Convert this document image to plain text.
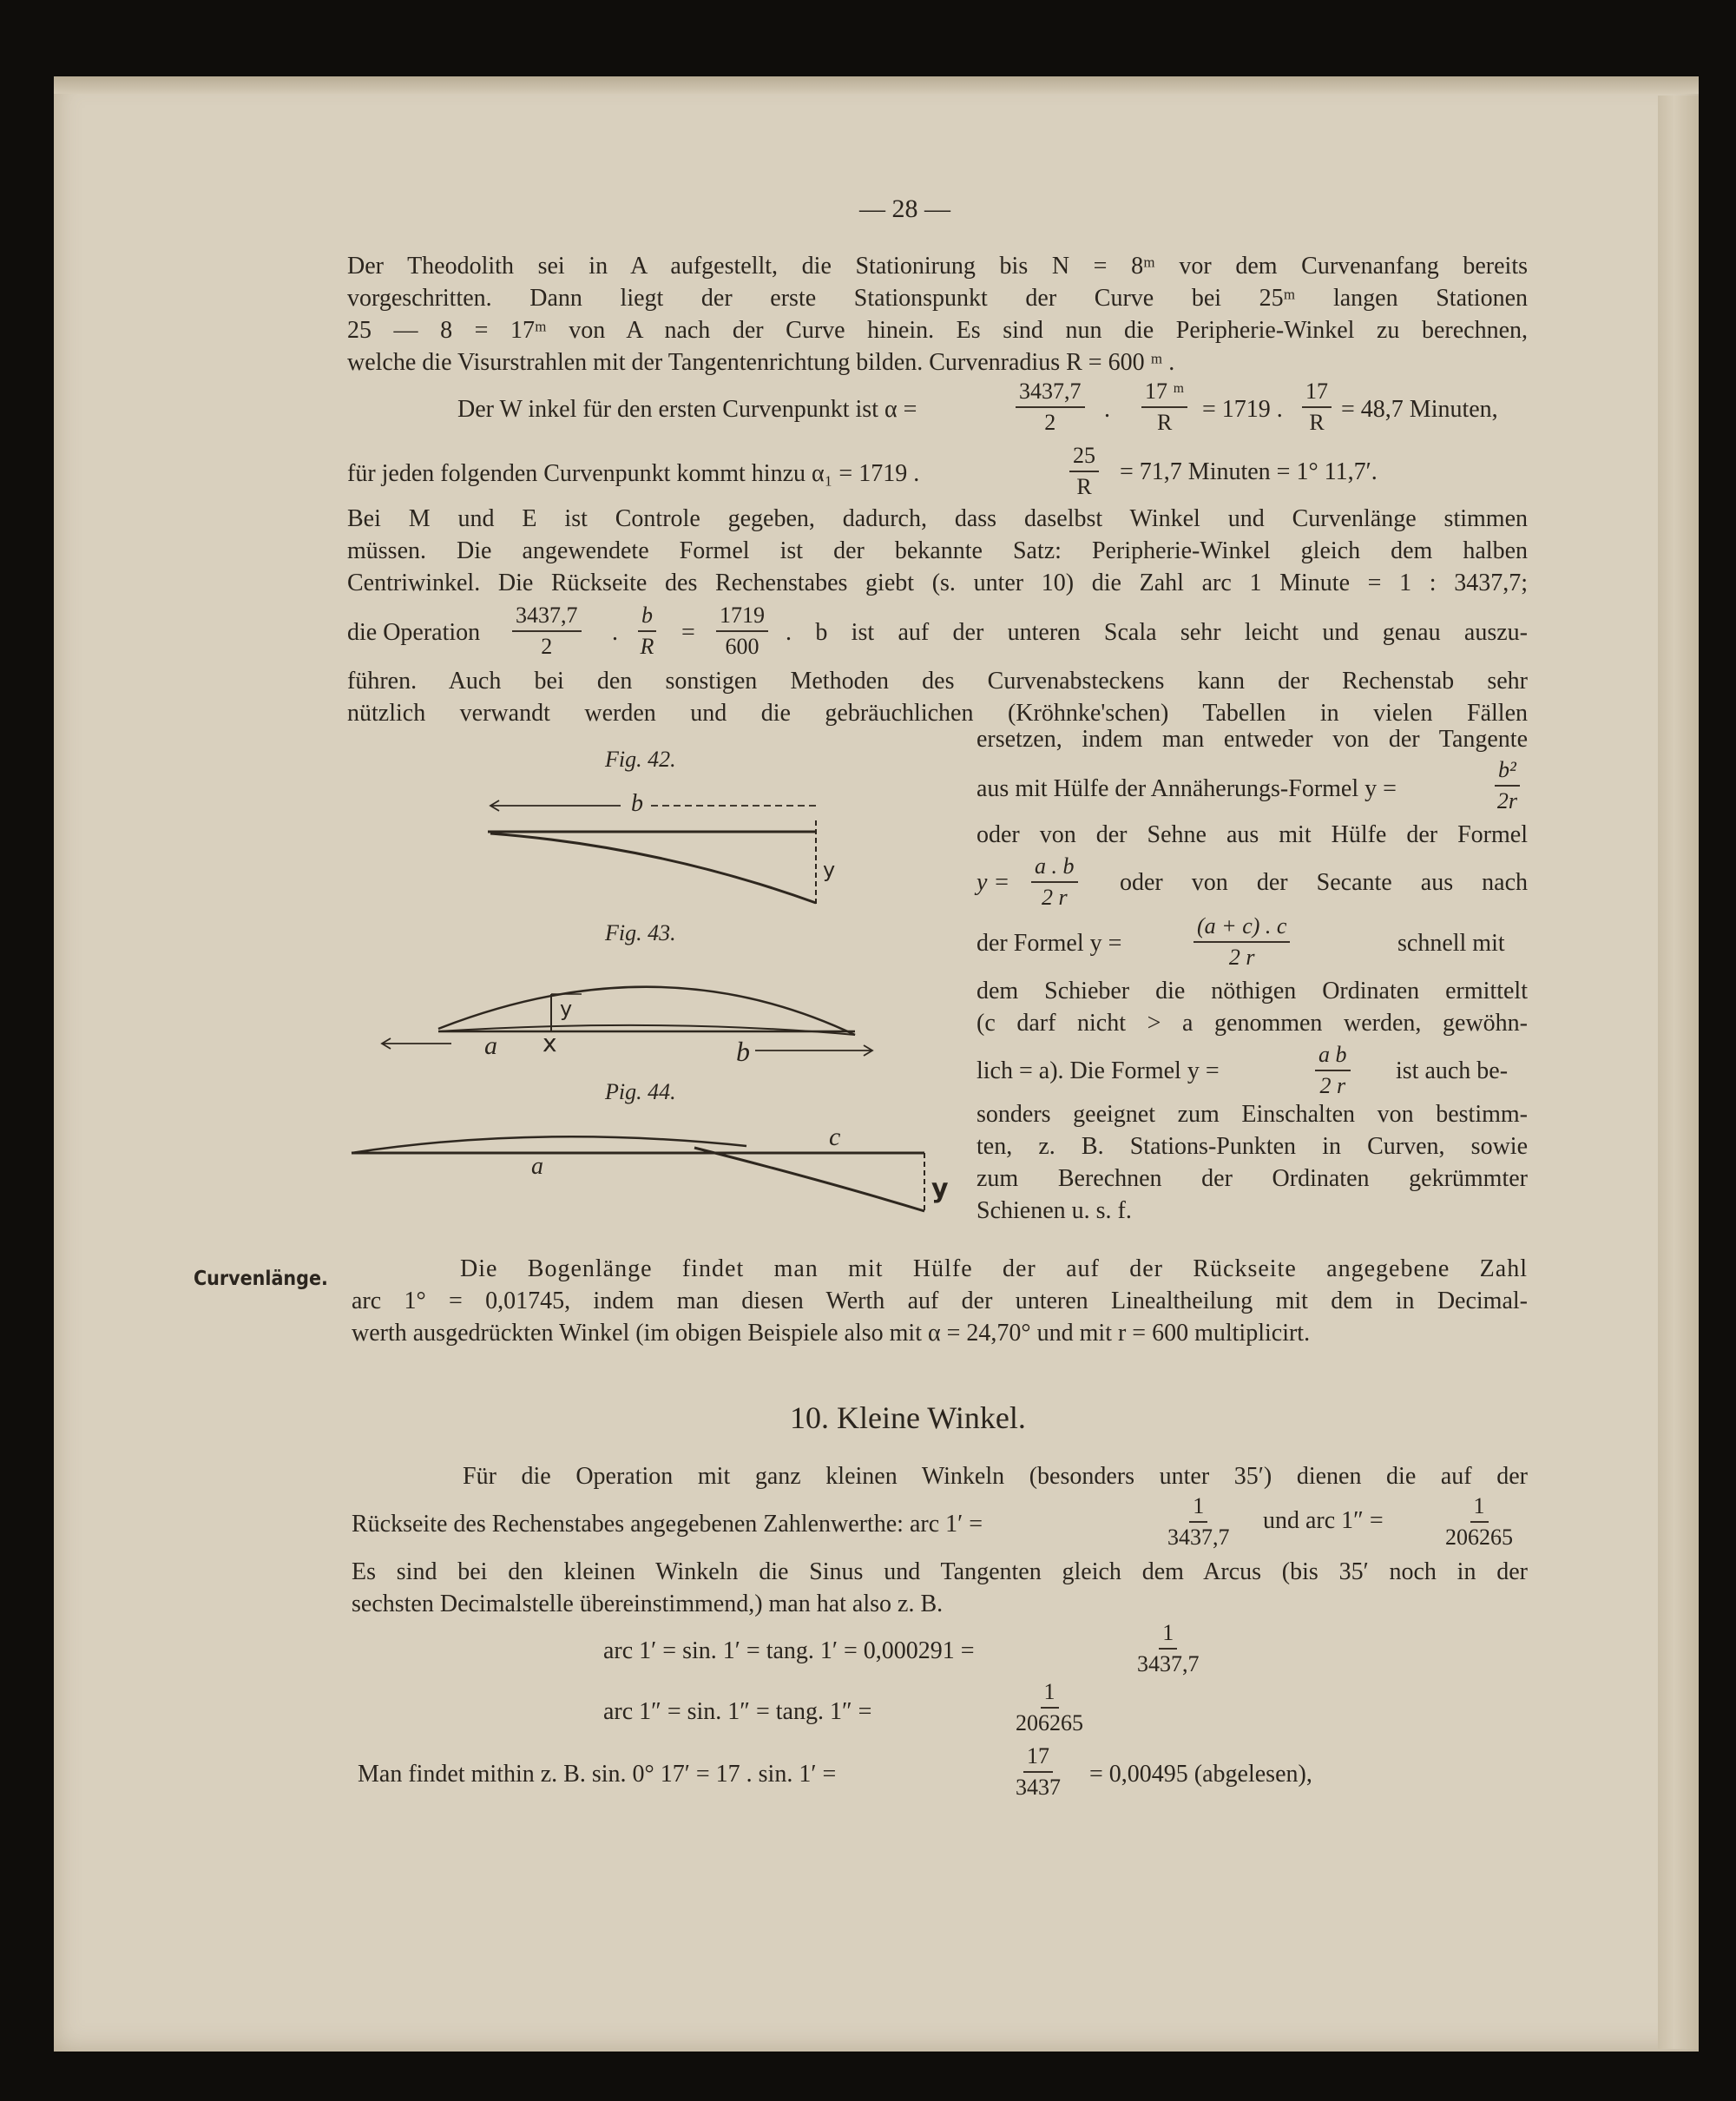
— 28 —
Der Theodolith sei in A aufgestellt, die Stationirung bis N = 8ᵐ vor dem Curvenanfang bereits
vorgeschritten. Dann liegt der erste Stationspunkt der Curve bei 25ᵐ langen Stationen
25 — 8 = 17ᵐ von A nach der Curve hinein. Es sind nun die Peripherie-Winkel zu berechnen,
welche die Visurstrahlen mit der Tangentenrichtung bilden. Curvenradius R = 600 ᵐ .
Der W inkel für den ersten Curvenpunkt ist α =	$\frac{3437,7}{2}$ . $\frac{\text{17 ᵐ}}{R} = 1719$ . $\frac{17}{R} = 48,7$ Minuten,
für jeden folgenden Curvenpunkt kommt hinzu α₁ = 1719 .	$\frac{25}{R} = 71,7$ Minuten = 1° 11,7′.
Bei M und E ist Controle gegeben, dadurch, dass daselbst Winkel und Curvenlänge stimmen
müssen. Die angewendete Formel ist der bekannte Satz: Peripherie-Winkel gleich dem halben
Centriwinkel. Die Rückseite des Rechenstabes giebt (s. unter 10) die Zahl arc 1 Minute = 1 : 3437,7;
die Operation $\frac{3437,7}{2}$ . $\frac{b}{R} = \frac{1719}{600}$ . b ist auf der unteren Scala sehr leicht und genau auszu-
führen. Auch bei den sonstigen Methoden des Curvenabsteckens kann der Rechenstab sehr
nützlich verwandt werden und die gebräuchlichen (Kröhnke'schen) Tabellen in vielen Fällen
ersetzen, indem man entweder von der Tangente
aus mit Hülfe der Annäherungs-Formel y =	$\frac{\text{b²}}{2r}$
oder von der Sehne aus mit Hülfe der Formel
$y = \frac{a . b}{2 r}$ oder von der Secante aus nach
der Formel y =	$\frac{(a + c) . c}{2 r}$	schnell mit
dem Schieber die nöthigen Ordinaten ermittelt
(c darf nicht > a genommen werden, gewöhn-
lich = a). Die Formel y =	$\frac{\text{a b}}{2 r}$ ist auch be-
sonders geeignet zum Einschalten von bestimm-
ten, z. B. Stations-Punkten in Curven, sowie
zum Berechnen der Ordinaten gekrümmter
Schienen u. s. f.
Fig. 42.
Fig. 43.
Pig. 44.
b
y
y
a x	b
c
a
y
Curvenlänge.	Die Bogenlänge findet man mit Hülfe der auf der Rückseite angegebene Zahl
arc 1° = 0,01745, indem man diesen Werth auf der unteren Linealtheilung mit dem in Decimal-
werth ausgedrückten Winkel (im obigen Beispiele also mit α = 24,70° und mit r = 600 multiplicirt.
10. Kleine Winkel.
Für die Operation mit ganz kleinen Winkeln (besonders unter 35′) dienen die auf der
Rückseite des Rechenstabes angegebenen Zahlenwerthe: arc 1′ =	$\frac{1}{3437,7}$ und arc 1″ =	$\frac{1}{206265}$
Es sind bei den kleinen Winkeln die Sinus und Tangenten gleich dem Arcus (bis 35′ noch in der
sechsten Decimalstelle übereinstimmend,) man hat also z. B.
arc 1′ = sin. 1′ = tang. 1′ = 0,000291 =	$\frac{1}{3437,7}$
arc 1″ = sin. 1″ = tang. 1″ =	$\frac{1}{206265}$
Man findet mithin z. B. sin. 0° 17′ = 17 . sin. 1′ =	$\frac{17}{3437} = 0,00495$ (abgelesen),
